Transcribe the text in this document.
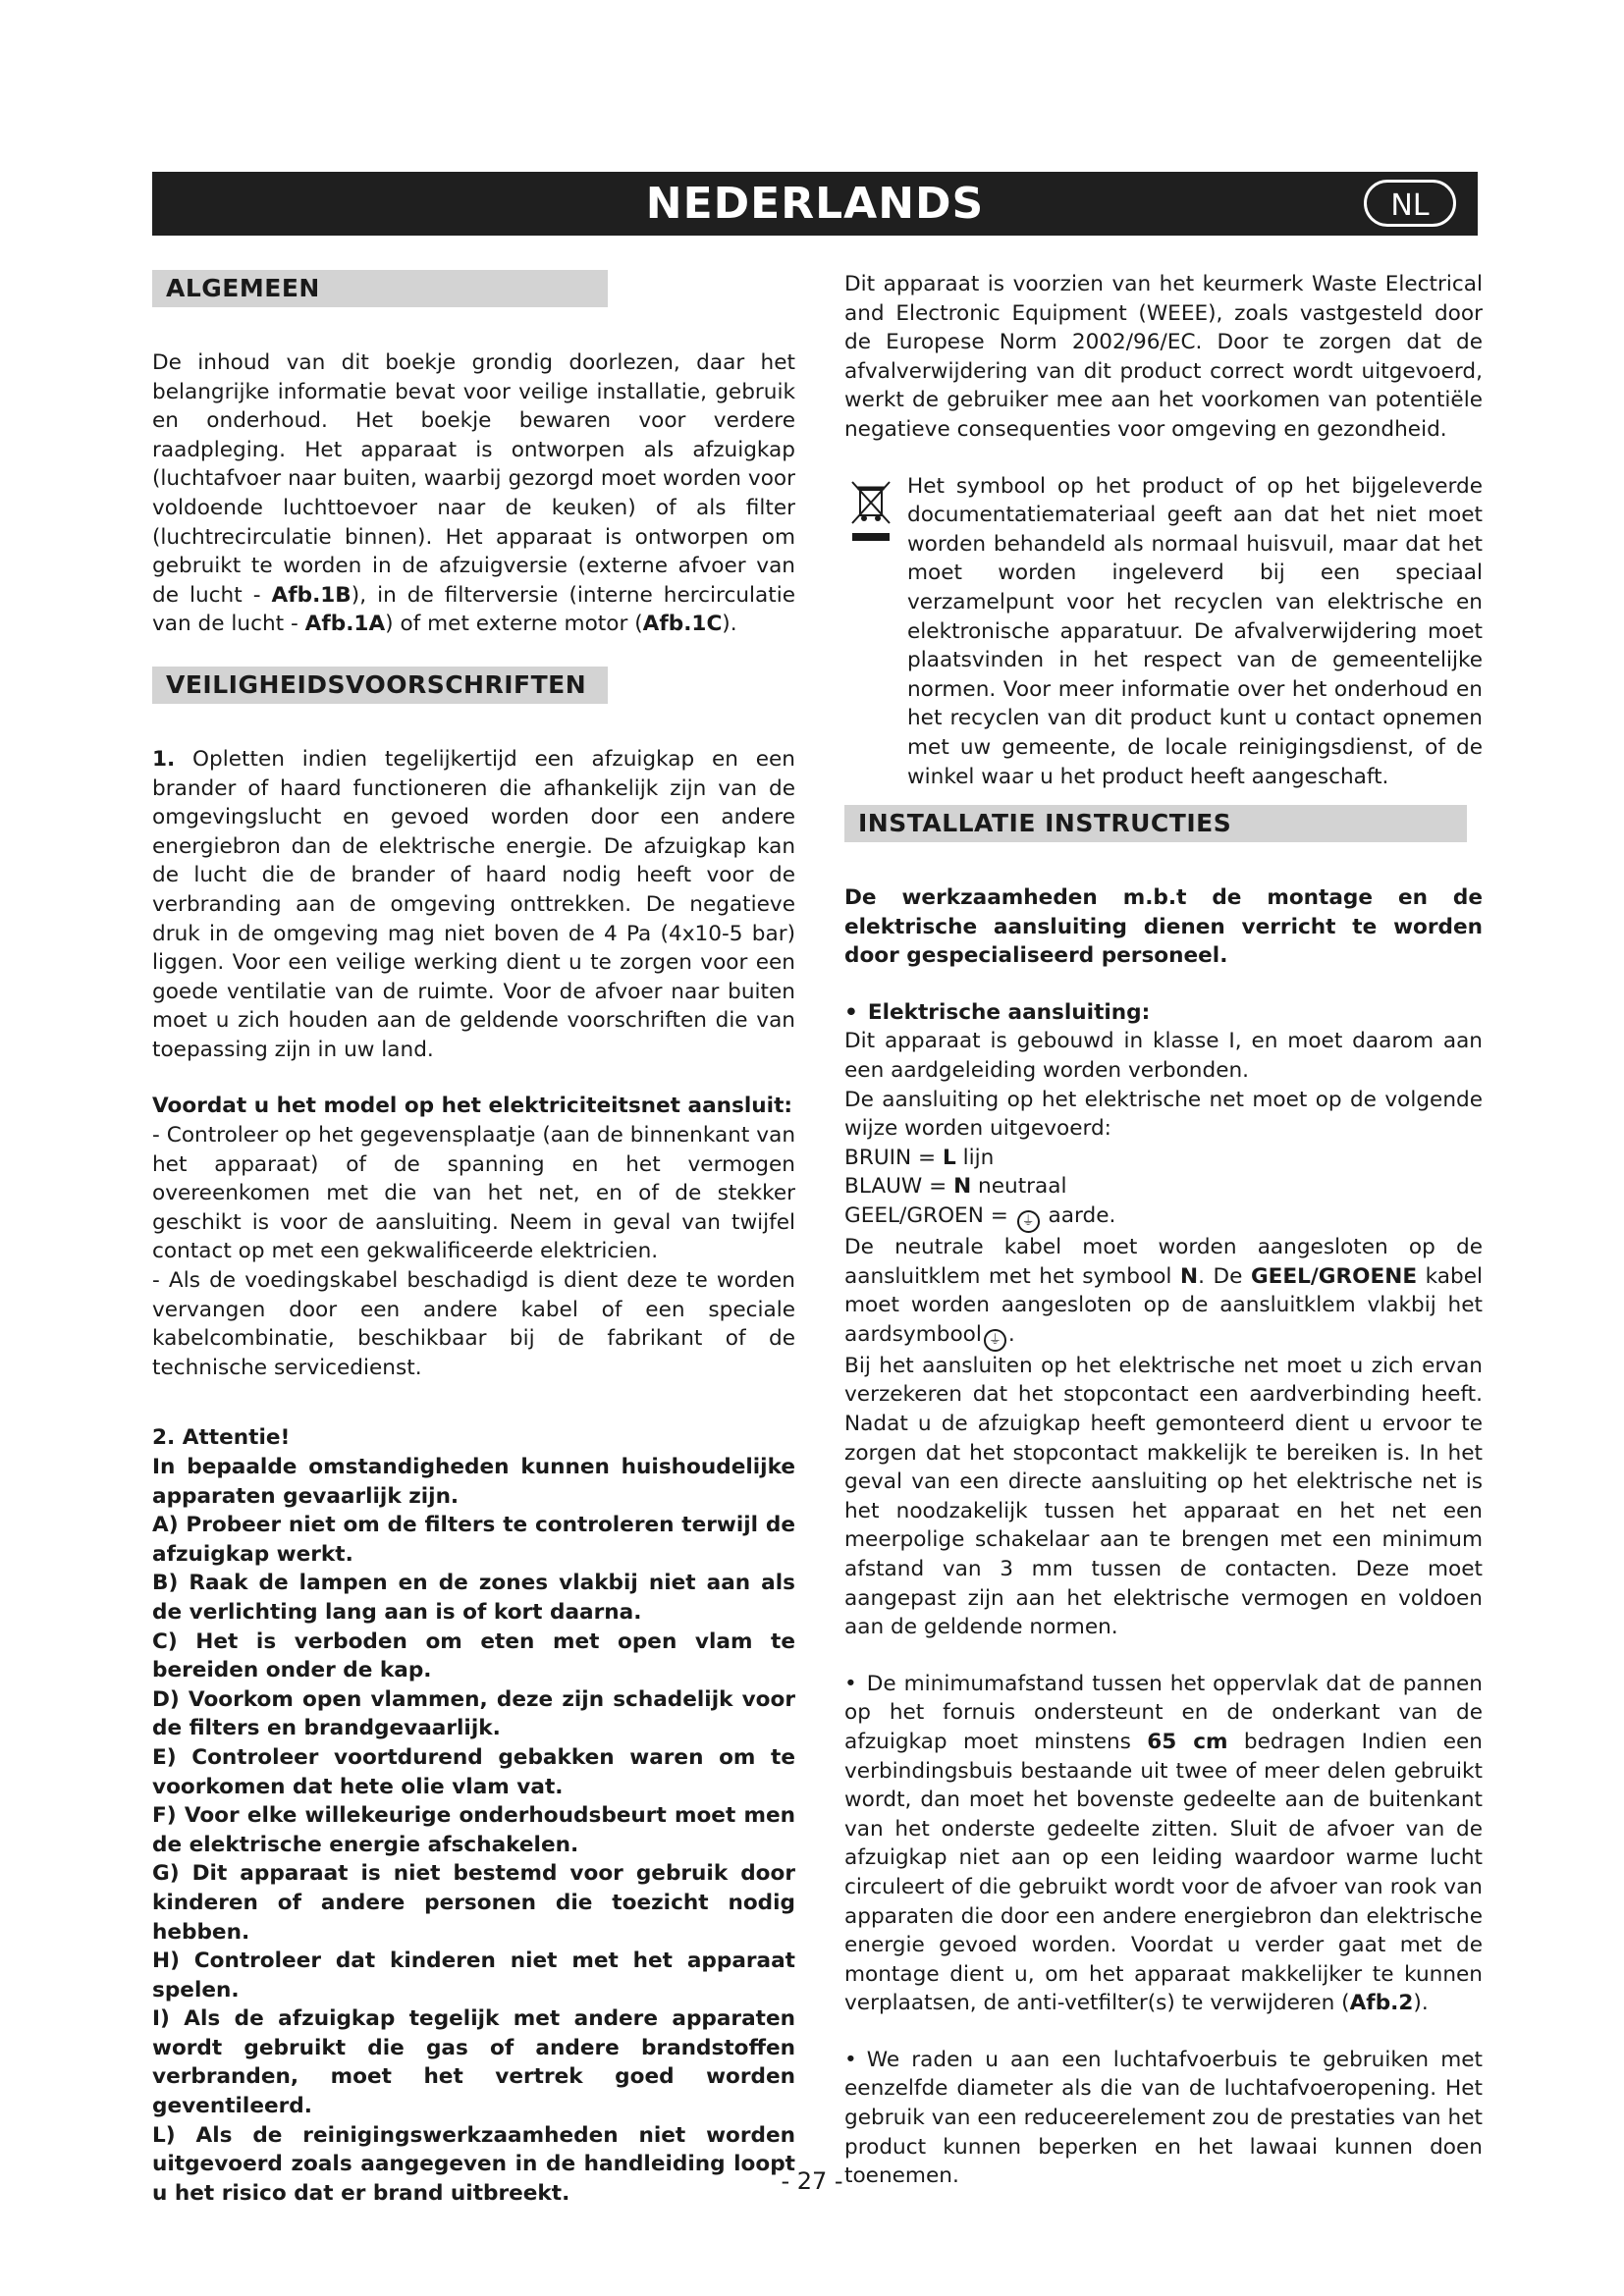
NEDERLANDS	NL
ALGEMEEN

De inhoud van dit boekje grondig doorlezen, daar het belangrijke informatie bevat voor veilige installatie, gebruik en onderhoud. Het boekje bewaren voor verdere raadpleging. Het apparaat is ontworpen als afzuigkap (luchtafvoer naar buiten, waarbij gezorgd moet worden voor voldoende luchttoevoer naar de keuken) of als filter (luchtrecirculatie binnen). Het apparaat is ontworpen om gebruikt te worden in de afzuigversie (externe afvoer van de lucht - Afb.1B), in de filterversie (interne hercirculatie van de lucht - Afb.1A) of met externe motor (Afb.1C).

VEILIGHEIDSVOORSCHRIFTEN

1. Opletten indien tegelijkertijd een afzuigkap en een brander of haard functioneren die afhankelijk zijn van de omgevingslucht en gevoed worden door een andere energiebron dan de elektrische energie. De afzuigkap kan de lucht die de brander of haard nodig heeft voor de verbranding aan de omgeving onttrekken. De negatieve druk in de omgeving mag niet boven de 4 Pa (4x10-5 bar) liggen. Voor een veilige werking dient u te zorgen voor een goede ventilatie van de ruimte. Voor de afvoer naar buiten moet u zich houden aan de geldende voorschriften die van toepassing zijn in uw land.

Voordat u het model op het elektriciteitsnet aansluit:

- Controleer op het gegevensplaatje (aan de binnenkant van het apparaat) of de spanning en het vermogen overeenkomen met die van het net, en of de stekker geschikt is voor de aansluiting. Neem in geval van twijfel contact op met een gekwalificeerde elektricien.

- Als de voedingskabel beschadigd is dient deze te worden vervangen door een andere kabel of een speciale kabelcombinatie, beschikbaar bij de fabrikant of de technische servicedienst.

2. Attentie!

In bepaalde omstandigheden kunnen huishoudelijke apparaten gevaarlijk zijn.

A) Probeer niet om de filters te controleren terwijl de afzuigkap werkt.

B) Raak de lampen en de zones vlakbij niet aan als de verlichting lang aan is of kort daarna.

C) Het is verboden om eten met open vlam te bereiden onder de kap.

D) Voorkom open vlammen, deze zijn schadelijk voor de filters en brandgevaarlijk.

E) Controleer voortdurend gebakken waren om te voorkomen dat hete olie vlam vat.

F) Voor elke willekeurige onderhoudsbeurt moet men de elektrische energie afschakelen.

G) Dit apparaat is niet bestemd voor gebruik door kinderen of andere personen die toezicht nodig hebben.

H) Controleer dat kinderen niet met het apparaat spelen.

I) Als de afzuigkap tegelijk met andere apparaten wordt gebruikt die gas of andere brandstoffen verbranden, moet het vertrek goed worden geventileerd.

L) Als de reinigingswerkzaamheden niet worden uitgevoerd zoals aangegeven in de handleiding loopt u het risico dat er brand uitbreekt.

Dit apparaat is voorzien van het keurmerk Waste Electrical and Electronic Equipment (WEEE), zoals vastgesteld door de Europese Norm 2002/96/EC. Door te zorgen dat de afvalverwijdering van dit product correct wordt uitgevoerd, werkt de gebruiker mee aan het voorkomen van potentiële negatieve consequenties voor omgeving en gezondheid.

Het symbool op het product of op het bijgeleverde documentatiemateriaal geeft aan dat het niet moet worden behandeld als normaal huisvuil, maar dat het moet worden ingeleverd bij een speciaal verzamelpunt voor het recyclen van elektrische en elektronische apparatuur. De afvalverwijdering moet plaatsvinden in het respect van de gemeentelijke normen. Voor meer informatie over het onderhoud en het recyclen van dit product kunt u contact opnemen met uw gemeente, de locale reinigingsdienst, of de winkel waar u het product heeft aangeschaft.

INSTALLATIE INSTRUCTIES

De werkzaamheden m.b.t de montage en de elektrische aansluiting dienen verricht te worden door gespecialiseerd personeel.

• Elektrische aansluiting:

Dit apparaat is gebouwd in klasse I, en moet daarom aan een aardgeleiding worden verbonden.

De aansluiting op het elektrische net moet op de volgende wijze worden uitgevoerd:

BRUIN = L lijn

BLAUW = N neutraal

GEEL/GROEN = ⏚ aarde.

De neutrale kabel moet worden aangesloten op de aansluitklem met het symbool N. De GEEL/GROENE kabel moet worden aangesloten op de aansluitklem vlakbij het aardsymbool ⏚ .

Bij het aansluiten op het elektrische net moet u zich ervan verzekeren dat het stopcontact een aardverbinding heeft. Nadat u de afzuigkap heeft gemonteerd dient u ervoor te zorgen dat het stopcontact makkelijk te bereiken is. In het geval van een directe aansluiting op het elektrische net is het noodzakelijk tussen het apparaat en het net een meerpolige schakelaar aan te brengen met een minimum afstand van 3 mm tussen de contacten. Deze moet aangepast zijn aan het elektrische vermogen en voldoen aan de geldende normen.

• De minimumafstand tussen het oppervlak dat de pannen op het fornuis ondersteunt en de onderkant van de afzuigkap moet minstens 65 cm bedragen Indien een verbindingsbuis bestaande uit twee of meer delen gebruikt wordt, dan moet het bovenste gedeelte aan de buitenkant van het onderste gedeelte zitten. Sluit de afvoer van de afzuigkap niet aan op een leiding waardoor warme lucht circuleert of die gebruikt wordt voor de afvoer van rook van apparaten die door een andere energiebron dan elektrische energie gevoed worden. Voordat u verder gaat met de montage dient u, om het apparaat makkelijker te kunnen verplaatsen, de anti-vetfilter(s) te verwijderen (Afb.2).

• We raden u aan een luchtafvoerbuis te gebruiken met eenzelfde diameter als die van de luchtafvoeropening. Het gebruik van een reduceerelement zou de prestaties van het product kunnen beperken en het lawaai kunnen doen toenemen.

- 27 -
